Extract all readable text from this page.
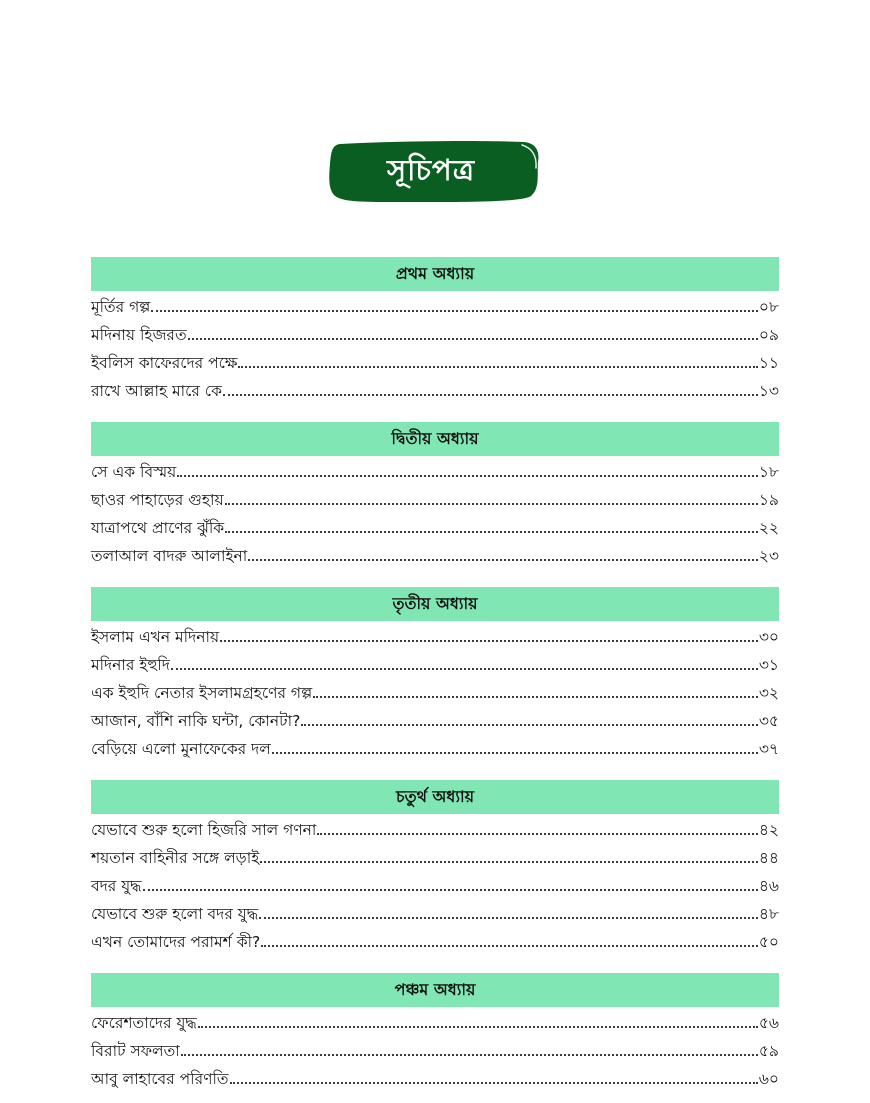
সূচিপত্র
প্রথম অধ্যায়
মূর্তির গল্প	০৮
মদিনায় হিজরত	০৯
ইবলিস কাফেরদের পক্ষে	১১
রাখে আল্লাহ মারে কে	১৩
দ্বিতীয় অধ্যায়
সে এক বিস্ময়	১৮
ছাওর পাহাড়ের গুহায়	১৯
যাত্রাপথে প্রাণের ঝুঁকি	২২
তলাআল বাদরু আলাইনা	২৩
তৃতীয় অধ্যায়
ইসলাম এখন মদিনায়	৩০
মদিনার ইহুদি	৩১
এক ইহুদি নেতার ইসলামগ্রহণের গল্প	৩২
আজান, বাঁশি নাকি ঘন্টা, কোনটা?	৩৫
বেড়িয়ে এলো মুনাফেকের দল	৩৭
চতুর্থ অধ্যায়
যেভাবে শুরু হলো হিজরি সাল গণনা	৪২
শয়তান বাহিনীর সঙ্গে লড়াই	৪৪
বদর যুদ্ধ	৪৬
যেভাবে শুরু হলো বদর যুদ্ধ	৪৮
এখন তোমাদের পরামর্শ কী?	৫০
পঞ্চম অধ্যায়
ফেরেশতাদের যুদ্ধ	৫৬
বিরাট সফলতা	৫৯
আবু লাহাবের পরিণতি	৬০
